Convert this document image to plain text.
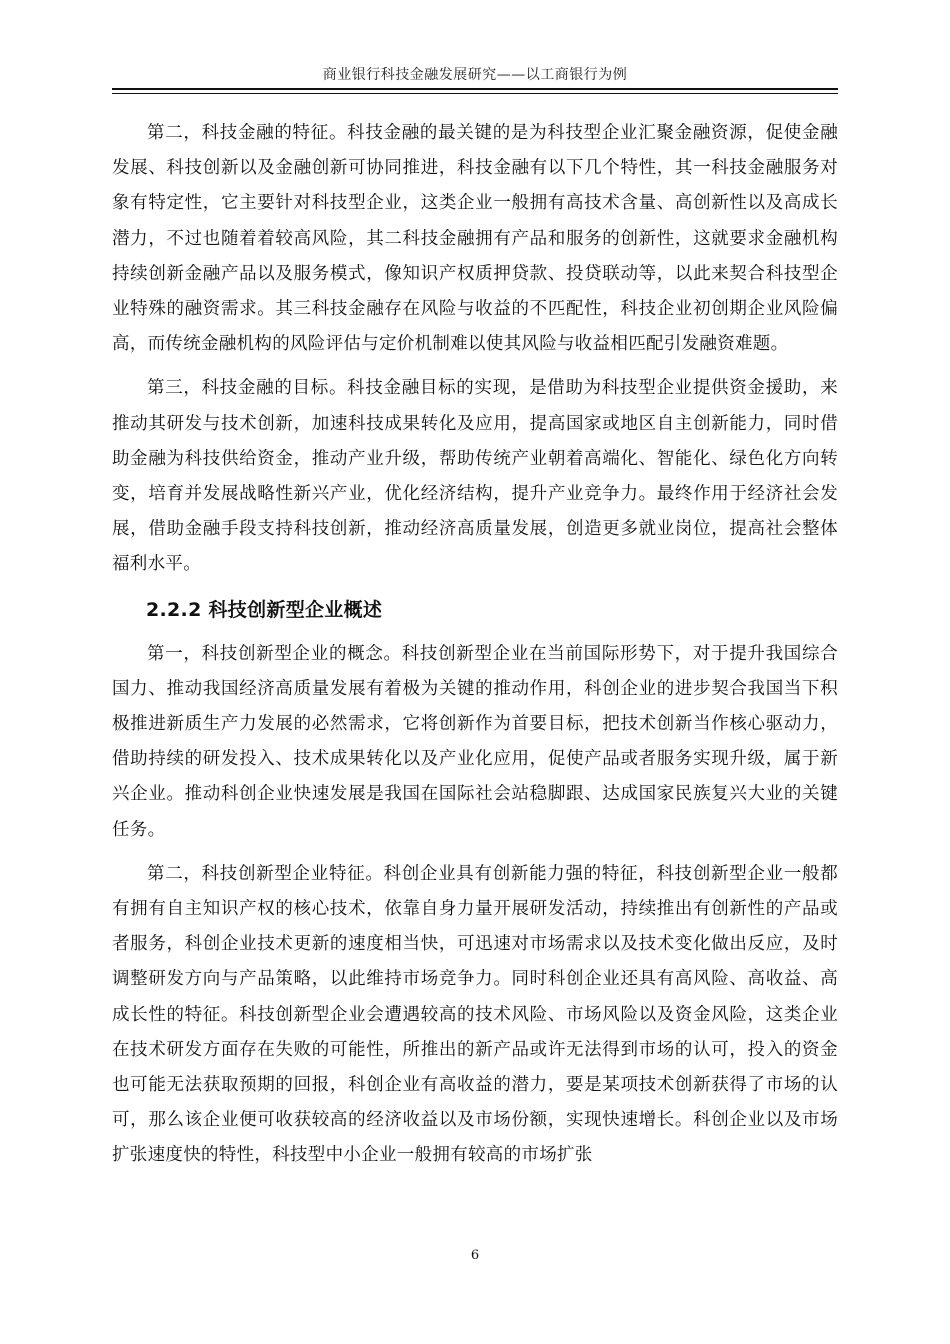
商业银行科技金融发展研究——以工商银行为例

第二，科技金融的特征。科技金融的最关键的是为科技型企业汇聚金融资源，促使金融发展、科技创新以及金融创新可协同推进，科技金融有以下几个特性，其一科技金融服务对象有特定性，它主要针对科技型企业，这类企业一般拥有高技术含量、高创新性以及高成长潜力，不过也随着着较高风险，其二科技金融拥有产品和服务的创新性，这就要求金融机构持续创新金融产品以及服务模式，像知识产权质押贷款、投贷联动等，以此来契合科技型企业特殊的融资需求。其三科技金融存在风险与收益的不匹配性，科技企业初创期企业风险偏高，而传统金融机构的风险评估与定价机制难以使其风险与收益相匹配引发融资难题。

第三，科技金融的目标。科技金融目标的实现，是借助为科技型企业提供资金援助，来推动其研发与技术创新，加速科技成果转化及应用，提高国家或地区自主创新能力，同时借助金融为科技供给资金，推动产业升级，帮助传统产业朝着高端化、智能化、绿色化方向转变，培育并发展战略性新兴产业，优化经济结构，提升产业竞争力。最终作用于经济社会发展，借助金融手段支持科技创新，推动经济高质量发展，创造更多就业岗位，提高社会整体福利水平。

2.2.2 科技创新型企业概述

第一，科技创新型企业的概念。科技创新型企业在当前国际形势下，对于提升我国综合国力、推动我国经济高质量发展有着极为关键的推动作用，科创企业的进步契合我国当下积极推进新质生产力发展的必然需求，它将创新作为首要目标，把技术创新当作核心驱动力，借助持续的研发投入、技术成果转化以及产业化应用，促使产品或者服务实现升级，属于新兴企业。推动科创企业快速发展是我国在国际社会站稳脚跟、达成国家民族复兴大业的关键任务。

第二，科技创新型企业特征。科创企业具有创新能力强的特征，科技创新型企业一般都有拥有自主知识产权的核心技术，依靠自身力量开展研发活动，持续推出有创新性的产品或者服务，科创企业技术更新的速度相当快，可迅速对市场需求以及技术变化做出反应，及时调整研发方向与产品策略，以此维持市场竞争力。同时科创企业还具有高风险、高收益、高成长性的特征。科技创新型企业会遭遇较高的技术风险、市场风险以及资金风险，这类企业在技术研发方面存在失败的可能性，所推出的新产品或许无法得到市场的认可，投入的资金也可能无法获取预期的回报，科创企业有高收益的潜力，要是某项技术创新获得了市场的认可，那么该企业便可收获较高的经济收益以及市场份额，实现快速增长。科创企业以及市场扩张速度快的特性，科技型中小企业一般拥有较高的市场扩张

6
